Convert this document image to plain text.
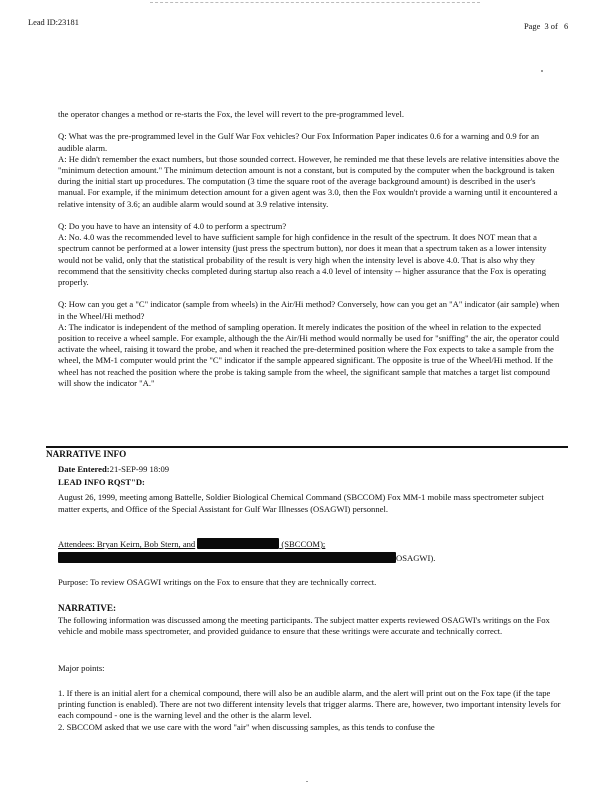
Lead ID:23181	Page 3 of 6

the operator changes a method or re-starts the Fox, the level will revert to the pre-programmed level.

Q: What was the pre-programmed level in the Gulf War Fox vehicles? Our Fox Information Paper indicates 0.6 for a warning and 0.9 for an audible alarm.
A: He didn't remember the exact numbers, but those sounded correct. However, he reminded me that these levels are relative intensities above the "minimum detection amount." The minimum detection amount is not a constant, but is computed by the computer when the background is taken during the initial start up procedures. The computation (3 time the square root of the average background amount) is described in the user's manual. For example, if the minimum detection amount for a given agent was 3.0, then the Fox wouldn't provide a warning until it encountered a relative intensity of 3.6; an audible alarm would sound at 3.9 relative intensity.
Q: Do you have to have an intensity of 4.0 to perform a spectrum?
A: No. 4.0 was the recommended level to have sufficient sample for high confidence in the result of the spectrum. It does NOT mean that a spectrum cannot be performed at a lower intensity (just press the spectrum button), nor does it mean that a spectrum taken as a lower intensity would not be valid, only that the statistical probability of the result is very high when the intensity level is above 4.0. That is also why they recommend that the sensitivity checks completed during startup also reach a 4.0 level of intensity -- higher assurance that the Fox is operating properly.
Q: How can you get a "C" indicator (sample from wheels) in the Air/Hi method? Conversely, how can you get an "A" indicator (air sample) when in the Wheel/Hi method?
A: The indicator is independent of the method of sampling operation. It merely indicates the position of the wheel in relation to the expected position to receive a wheel sample. For example, although the the Air/Hi method would normally be used for "sniffing" the air, the operator could activate the wheel, raising it toward the probe, and when it reached the pre-determined position where the Fox expects to take a sample from the wheel, the MM-1 computer would print the "C" indicator if the sample appeared significant. The opposite is true of the Wheel/Hi method. If the wheel has not reached the position where the probe is taking sample from the wheel, the significant sample that matches a target list compound will show the indicator "A."
NARRATIVE INFO
Date Entered:21-SEP-99 18:09
LEAD INFO RQST"D:
August 26, 1999, meeting among Battelle, Soldier Biological Chemical Command (SBCCOM) Fox MM-1 mobile mass spectrometer subject matter experts, and Office of the Special Assistant for Gulf War Illnesses (OSAGWI) personnel.
Attendees: Bryan Keirn, Bob Stern, and	(SBCCOM);
OSAGWI).
Purpose: To review OSAGWI writings on the Fox to ensure that they are technically correct.
NARRATIVE:
The following information was discussed among the meeting participants. The subject matter experts reviewed OSAGWI's writings on the Fox vehicle and mobile mass spectrometer, and provided guidance to ensure that these writings were accurate and technically correct.
Major points:
1. If there is an initial alert for a chemical compound, there will also be an audible alarm, and the alert will print out on the Fox tape (if the tape printing function is enabled). There are not two different intensity levels that trigger alarms. There are, however, two important intensity levels for each compound - one is the warning level and the other is the alarm level.
2. SBCCOM asked that we use care with the word "air" when discussing samples, as this tends to confuse the
